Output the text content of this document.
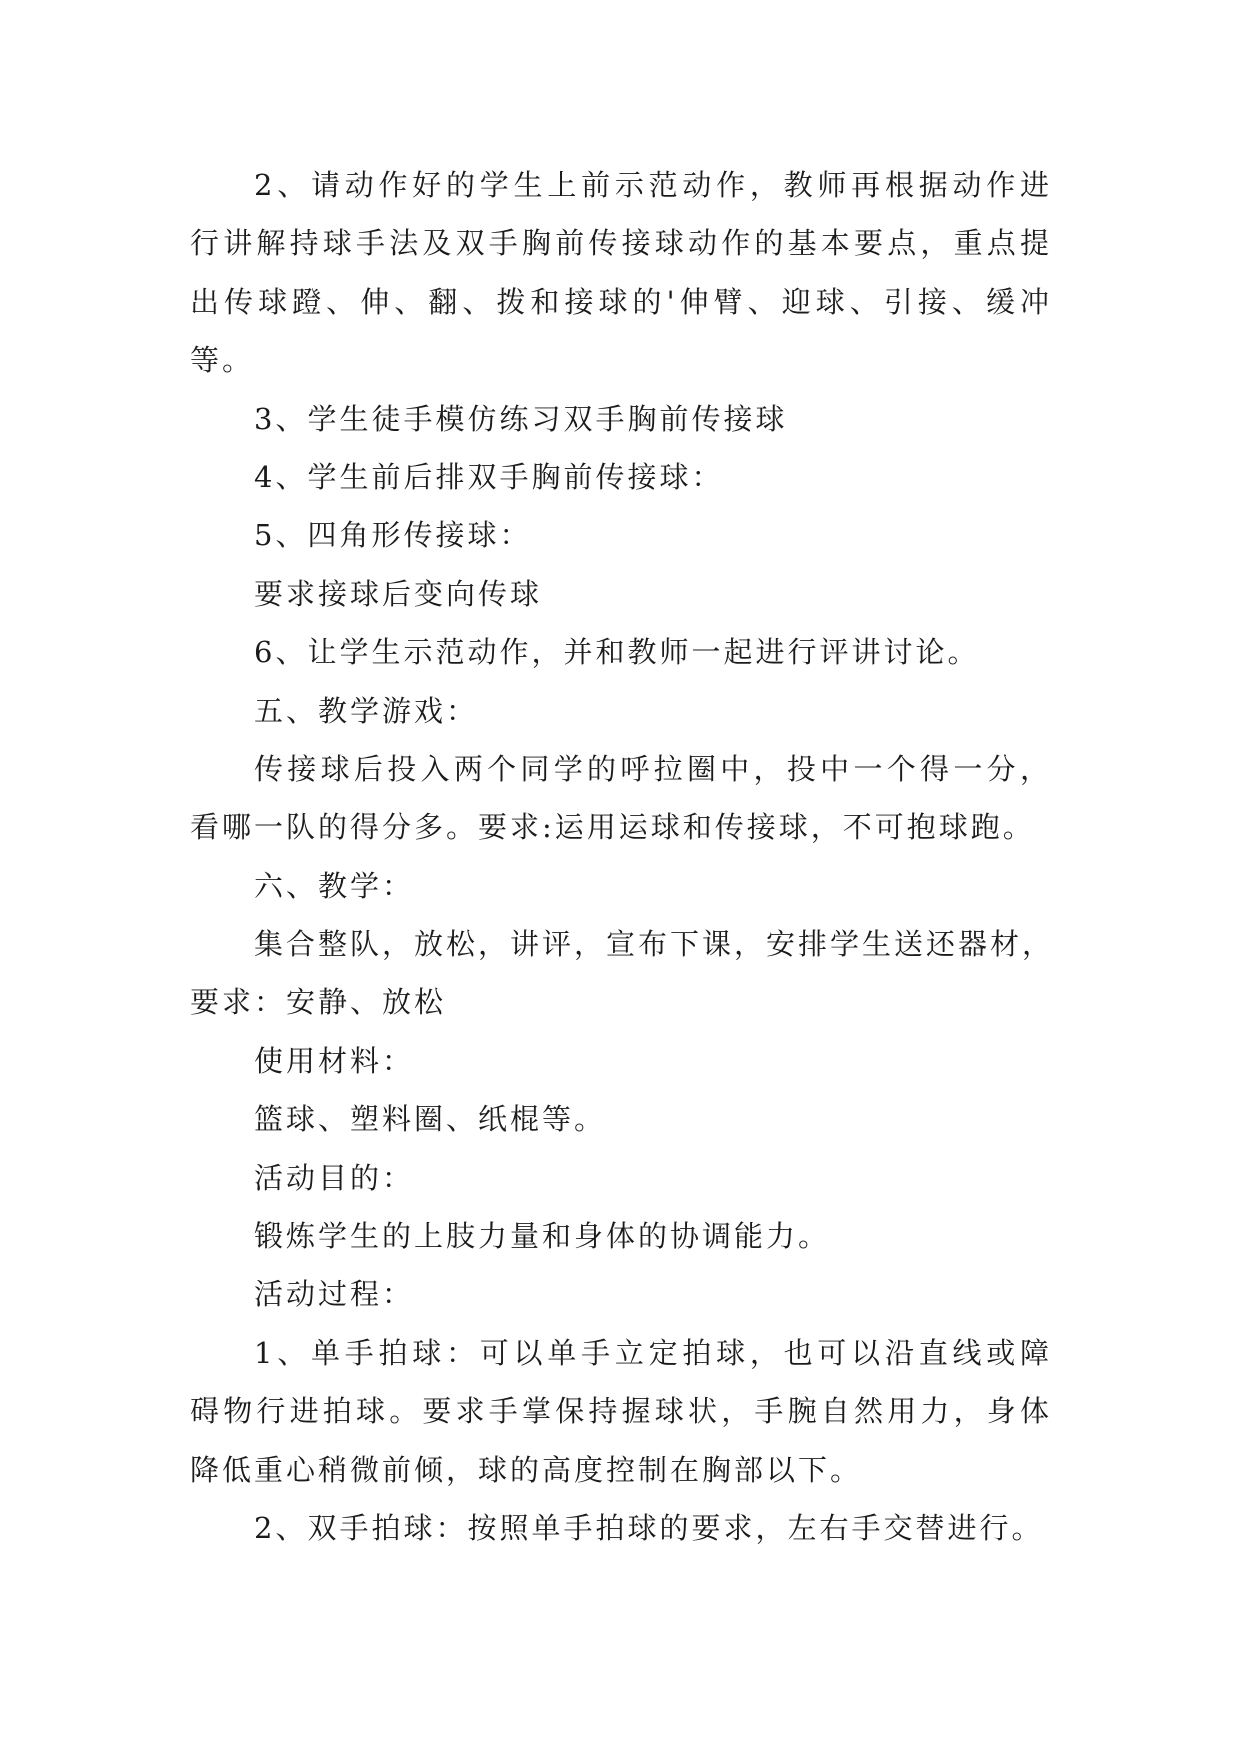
2、请动作好的学生上前示范动作，教师再根据动作进
行讲解持球手法及双手胸前传接球动作的基本要点，重点提
出传球蹬、伸、翻、拨和接球的'伸臂、迎球、引接、缓冲
等。
3、学生徒手模仿练习双手胸前传接球
4、学生前后排双手胸前传接球：
5、四角形传接球：
要求接球后变向传球
6、让学生示范动作，并和教师一起进行评讲讨论。
五、教学游戏：
传接球后投入两个同学的呼拉圈中，投中一个得一分，
看哪一队的得分多。要求:运用运球和传接球，不可抱球跑。
六、教学：
集合整队，放松，讲评，宣布下课，安排学生送还器材，
要求：安静、放松
使用材料：
篮球、塑料圈、纸棍等。
活动目的：
锻炼学生的上肢力量和身体的协调能力。
活动过程：
1、单手拍球：可以单手立定拍球，也可以沿直线或障
碍物行进拍球。要求手掌保持握球状，手腕自然用力，身体
降低重心稍微前倾，球的高度控制在胸部以下。
2、双手拍球：按照单手拍球的要求，左右手交替进行。
